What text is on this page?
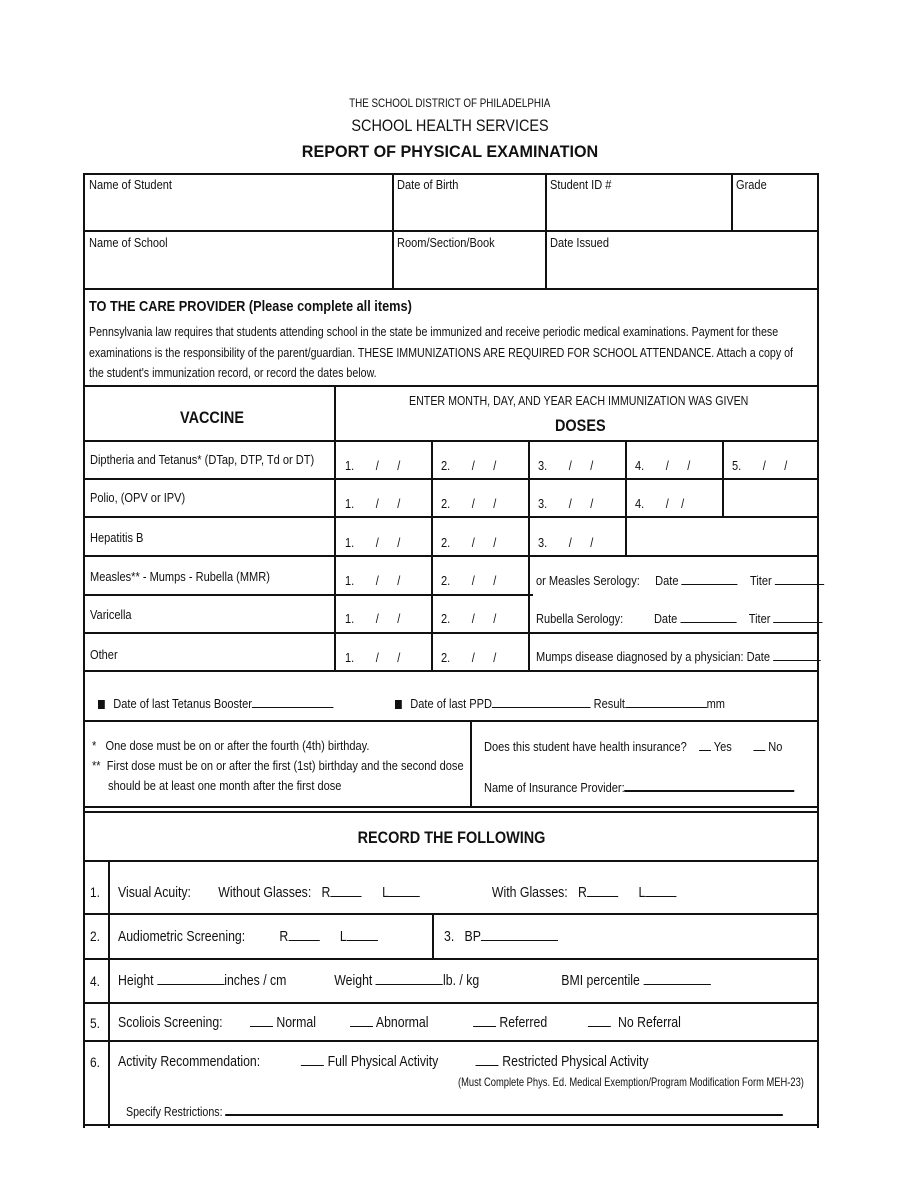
THE SCHOOL DISTRICT OF PHILADELPHIA
SCHOOL HEALTH SERVICES
REPORT OF PHYSICAL EXAMINATION
Name of Student	Date of Birth	Student ID #	Grade
Name of School	Room/Section/Book	Date Issued
TO THE CARE PROVIDER (Please complete all items)
Pennsylvania law requires that students attending school in the state be immunized and receive periodic medical examinations. Payment for these
examinations is the responsibility of the parent/guardian. THESE IMMUNIZATIONS ARE REQUIRED FOR SCHOOL ATTENDANCE. Attach a copy of
the student's immunization record, or record the dates below.
VACCINE
ENTER MONTH, DAY, AND YEAR EACH IMMUNIZATION WAS GIVEN
DOSES
Diptheria and Tetanus* (DTap, DTP, Td or DT) 1. / /	2. / /	3. / /	4. / /	5. / /
Polio, (OPV or IPV)	1. / /	2. / /	3. / /	4. / /
Hepatitis B	1. / /	2. / /	3. / /
Measles** - Mumps - Rubella (MMR)	1. / /	2. / /	or Measles Serology: Date	Titer
Varicella	1. / /	2. / /	Rubella Serology: Date	Titer
Other	1. / /	2. / /	Mumps disease diagnosed by a physician: Date
Date of last Tetanus Booster	Date of last PPD	Result	mm
* One dose must be on or after the fourth (4th) birthday.
** First dose must be on or after the first (1st) birthday and the second dose
should be at least one month after the first dose
Does this student have health insurance? Yes	No
Name of Insurance Provider:
RECORD THE FOLLOWING
1. Visual Acuity: Without Glasses: R	L	With Glasses: R	L
2. Audiometric Screening: R	L	3. BP
4. Height	inches / cm	Weight	lb. / kg	BMI percentile
5. Scoliois Screening:	Normal	Abnormal	Referred	No Referral
6. Activity Recommendation:	Full Physical Activity	Restricted Physical Activity
(Must Complete Phys. Ed. Medical Exemption/Program Modification Form MEH-23)
Specify Restrictions:
